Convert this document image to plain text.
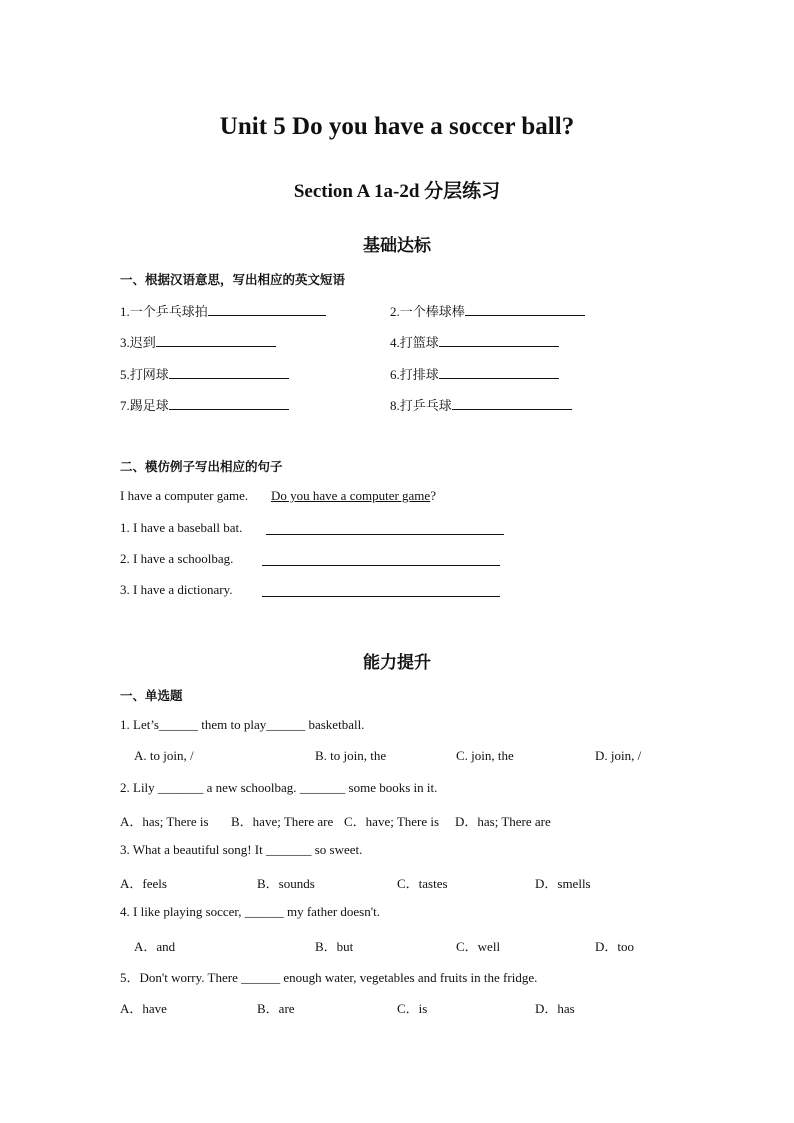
Unit 5 Do you have a soccer ball?
Section A 1a-2d 分层练习
基础达标
一、根据汉语意思，写出相应的英文短语
1.一个乒乓球拍	2.一个棒球棒
3.迟到	4.打篮球
5.打网球	6.打排球
7.踢足球	8.打乒乓球
二、模仿例子写出相应的句子
I have a computer game. Do you have a computer game?
1. I have a baseball bat.
2. I have a schoolbag.
3. I have a dictionary.
能力提升
一、单选题
1. Let’s______ them to play______ basketball.
A. to join, /	B. to join, the	C. join, the	D. join, /
2. Lily _______ a new schoolbag. _______ some books in it.
A．has; There is B．have; There are C．have; There is D．has; There are
3. What a beautiful song! It _______ so sweet.
A．feels	B．sounds	C．tastes	D．smells
4. I like playing soccer, ______ my father doesn't.
A．and	B．but	C．well	D．too
5．Don't worry. There ______ enough water, vegetables and fruits in the fridge.
A．have	B．are	C．is	D．has
